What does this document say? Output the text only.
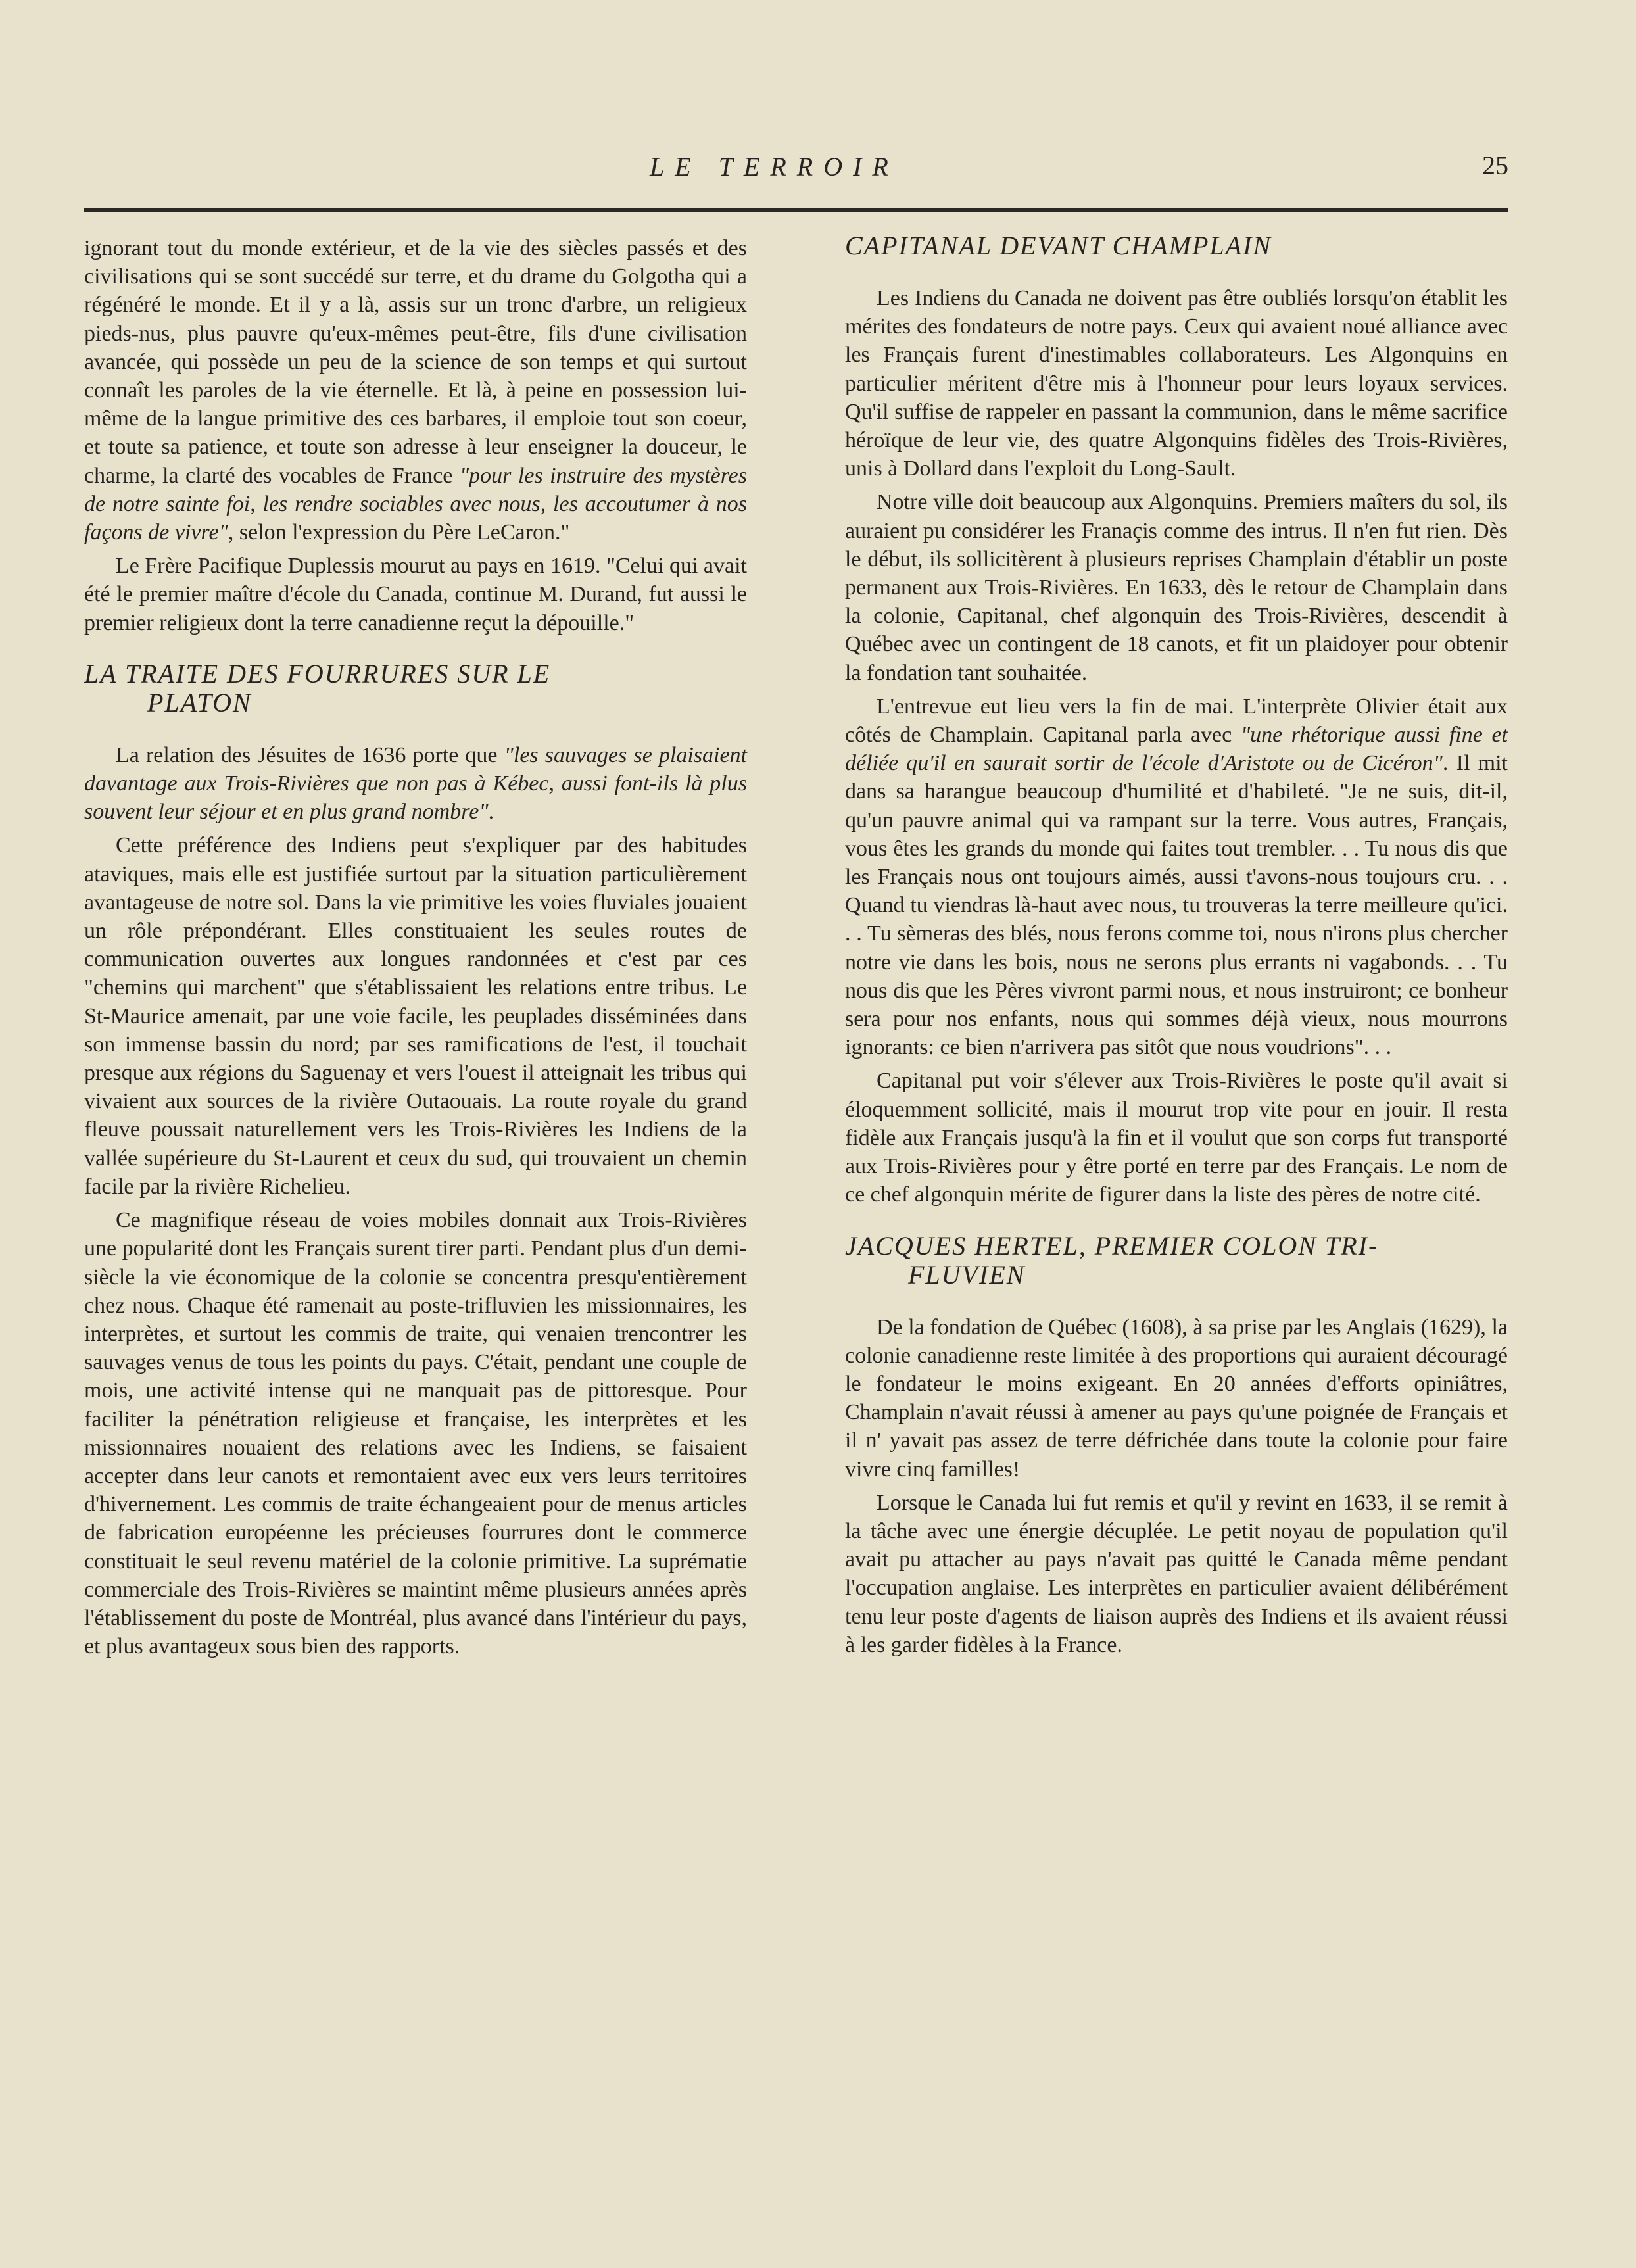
LE TERROIR	25

ignorant tout du monde extérieur, et de la vie des siècles passés et des civilisations qui se sont succédé sur terre, et du drame du Golgotha qui a régénéré le monde. Et il y a là, assis sur un tronc d'arbre, un religieux pieds-nus, plus pauvre qu'eux-mêmes peut-être, fils d'une civilisation avancée, qui possède un peu de la science de son temps et qui surtout connaît les paroles de la vie éternelle. Et là, à peine en possession lui-même de la langue primitive des ces barbares, il emploie tout son coeur, et toute sa patience, et toute son adresse à leur enseigner la douceur, le charme, la clarté des vocables de France "pour les instruire des mystères de notre sainte foi, les rendre sociables avec nous, les accoutumer à nos façons de vivre", selon l'expression du Père LeCaron."

Le Frère Pacifique Duplessis mourut au pays en 1619. "Celui qui avait été le premier maître d'école du Canada, continue M. Durand, fut aussi le premier religieux dont la terre canadienne reçut la dépouille."

LA TRAITE DES FOURRURES SUR LE
PLATON

La relation des Jésuites de 1636 porte que "les sauvages se plaisaient davantage aux Trois-Rivières que non pas à Kébec, aussi font-ils là plus souvent leur séjour et en plus grand nombre".

Cette préférence des Indiens peut s'expliquer par des habitudes ataviques, mais elle est justifiée surtout par la situation particulièrement avantageuse de notre sol. Dans la vie primitive les voies fluviales jouaient un rôle prépondérant. Elles constituaient les seules routes de communication ouvertes aux longues randonnées et c'est par ces "chemins qui marchent" que s'établissaient les relations entre tribus. Le St-Maurice amenait, par une voie facile, les peuplades disséminées dans son immense bassin du nord; par ses ramifications de l'est, il touchait presque aux régions du Saguenay et vers l'ouest il atteignait les tribus qui vivaient aux sources de la rivière Outaouais. La route royale du grand fleuve poussait naturellement vers les Trois-Rivières les Indiens de la vallée supérieure du St-Laurent et ceux du sud, qui trouvaient un chemin facile par la rivière Richelieu.

Ce magnifique réseau de voies mobiles donnait aux Trois-Rivières une popularité dont les Français surent tirer parti. Pendant plus d'un demi-siècle la vie économique de la colonie se concentra presqu'entièrement chez nous. Chaque été ramenait au poste-trifluvien les missionnaires, les interprètes, et surtout les commis de traite, qui venaien trencontrer les sauvages venus de tous les points du pays. C'était, pendant une couple de mois, une activité intense qui ne manquait pas de pittoresque. Pour faciliter la pénétration religieuse et française, les interprètes et les missionnaires nouaient des relations avec les Indiens, se faisaient accepter dans leur canots et remontaient avec eux vers leurs territoires d'hivernement. Les commis de traite échangeaient pour de menus articles de fabrication européenne les précieuses fourrures dont le commerce constituait le seul revenu matériel de la colonie primitive. La suprématie commerciale des Trois-Rivières se maintint même plusieurs années après l'établissement du poste de Montréal, plus avancé dans l'intérieur du pays, et plus avantageux sous bien des rapports.

CAPITANAL DEVANT CHAMPLAIN

Les Indiens du Canada ne doivent pas être oubliés lorsqu'on établit les mérites des fondateurs de notre pays. Ceux qui avaient noué alliance avec les Français furent d'inestimables collaborateurs. Les Algonquins en particulier méritent d'être mis à l'honneur pour leurs loyaux services. Qu'il suffise de rappeler en passant la communion, dans le même sacrifice héroïque de leur vie, des quatre Algonquins fidèles des Trois-Rivières, unis à Dollard dans l'exploit du Long-Sault.

Notre ville doit beaucoup aux Algonquins. Premiers maîters du sol, ils auraient pu considérer les Franaçis comme des intrus. Il n'en fut rien. Dès le début, ils sollicitèrent à plusieurs reprises Champlain d'établir un poste permanent aux Trois-Rivières. En 1633, dès le retour de Champlain dans la colonie, Capitanal, chef algonquin des Trois-Rivières, descendit à Québec avec un contingent de 18 canots, et fit un plaidoyer pour obtenir la fondation tant souhaitée.

L'entrevue eut lieu vers la fin de mai. L'interprète Olivier était aux côtés de Champlain. Capitanal parla avec "une rhétorique aussi fine et déliée qu'il en saurait sortir de l'école d'Aristote ou de Cicéron". Il mit dans sa harangue beaucoup d'humilité et d'habileté. "Je ne suis, dit-il, qu'un pauvre animal qui va rampant sur la terre. Vous autres, Français, vous êtes les grands du monde qui faites tout trembler. . . Tu nous dis que les Français nous ont toujours aimés, aussi t'avons-nous toujours cru. . . Quand tu viendras là-haut avec nous, tu trouveras la terre meilleure qu'ici. . . Tu sèmeras des blés, nous ferons comme toi, nous n'irons plus chercher notre vie dans les bois, nous ne serons plus errants ni vagabonds. . . Tu nous dis que les Pères vivront parmi nous, et nous instruiront; ce bonheur sera pour nos enfants, nous qui sommes déjà vieux, nous mourrons ignorants: ce bien n'arrivera pas sitôt que nous voudrions". . .

Capitanal put voir s'élever aux Trois-Rivières le poste qu'il avait si éloquemment sollicité, mais il mourut trop vite pour en jouir. Il resta fidèle aux Français jusqu'à la fin et il voulut que son corps fut transporté aux Trois-Rivières pour y être porté en terre par des Français. Le nom de ce chef algonquin mérite de figurer dans la liste des pères de notre cité.

JACQUES HERTEL, PREMIER COLON TRI-
FLUVIEN

De la fondation de Québec (1608), à sa prise par les Anglais (1629), la colonie canadienne reste limitée à des proportions qui auraient découragé le fondateur le moins exigeant. En 20 années d'efforts opiniâtres, Champlain n'avait réussi à amener au pays qu'une poignée de Français et il n' yavait pas assez de terre défrichée dans toute la colonie pour faire vivre cinq familles!

Lorsque le Canada lui fut remis et qu'il y revint en 1633, il se remit à la tâche avec une énergie décuplée. Le petit noyau de population qu'il avait pu attacher au pays n'avait pas quitté le Canada même pendant l'occupation anglaise. Les interprètes en particulier avaient délibérément tenu leur poste d'agents de liaison auprès des Indiens et ils avaient réussi à les garder fidèles à la France.
